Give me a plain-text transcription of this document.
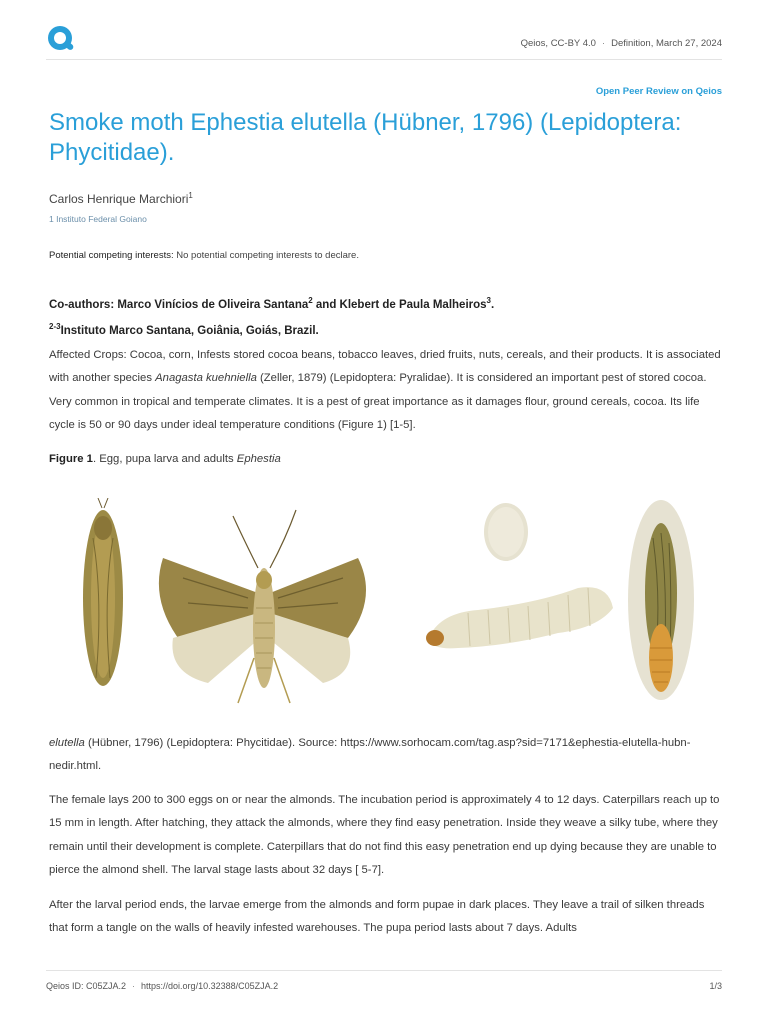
Qeios, CC-BY 4.0 · Definition, March 27, 2024
Open Peer Review on Qeios
Smoke moth Ephestia elutella (Hübner, 1796) (Lepidoptera: Phycitidae).
Carlos Henrique Marchiori$^1$
1 Instituto Federal Goiano
Potential competing interests: No potential competing interests to declare.
Co-authors: Marco Vinícios de Oliveira Santana$^2$ and Klebert de Paula Malheiros$^3$.
$^{2-3}$Instituto Marco Santana, Goiânia, Goiás, Brazil.

Affected Crops: Cocoa, corn, Infests stored cocoa beans, tobacco leaves, dried fruits, nuts, cereals, and their products. It is associated with another species Anagasta kuehniella (Zeller, 1879) (Lepidoptera: Pyralidae). It is considered an important pest of stored cocoa. Very common in tropical and temperate climates. It is a pest of great importance as it damages flour, ground cereals, cocoa. Its life cycle is 50 or 90 days under ideal temperature conditions (Figure 1) [1-5].

Figure 1. Egg, pupa larva and adults Ephestia

elutella (Hübner, 1796) (Lepidoptera: Phycitidae). Source: https://www.sorhocam.com/tag.asp?sid=7171&ephestia-elutella-hubn-nedir.html.

The female lays 200 to 300 eggs on or near the almonds. The incubation period is approximately 4 to 12 days. Caterpillars reach up to 15 mm in length. After hatching, they attack the almonds, where they find easy penetration. Inside they weave a silky tube, where they remain until their development is complete. Caterpillars that do not find this easy penetration end up dying because they are unable to pierce the almond shell. The larval stage lasts about 32 days [ 5-7].

After the larval period ends, the larvae emerge from the almonds and form pupae in dark places. They leave a trail of silken threads that form a tangle on the walls of heavily infested warehouses. The pupa period lasts about 7 days. Adults

Qeios ID: C05ZJA.2 · https://doi.org/10.32388/C05ZJA.2	1/3
